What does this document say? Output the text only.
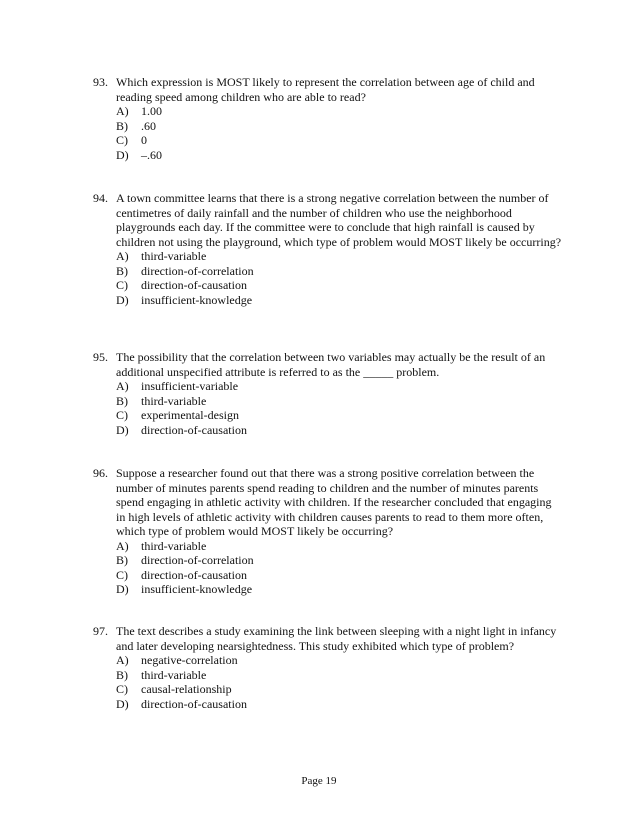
93. Which expression is MOST likely to represent the correlation between age of child and reading speed among children who are able to read?
A)	1.00
B)	.60
C)	0
D)	–.60
94. A town committee learns that there is a strong negative correlation between the number of centimetres of daily rainfall and the number of children who use the neighborhood playgrounds each day. If the committee were to conclude that high rainfall is caused by children not using the playground, which type of problem would MOST likely be occurring?
A)	third-variable
B)	direction-of-correlation
C)	direction-of-causation
D)	insufficient-knowledge
95. The possibility that the correlation between two variables may actually be the result of an additional unspecified attribute is referred to as the _____ problem.
A)	insufficient-variable
B)	third-variable
C)	experimental-design
D)	direction-of-causation
96. Suppose a researcher found out that there was a strong positive correlation between the number of minutes parents spend reading to children and the number of minutes parents spend engaging in athletic activity with children. If the researcher concluded that engaging in high levels of athletic activity with children causes parents to read to them more often, which type of problem would MOST likely be occurring?
A)	third-variable
B)	direction-of-correlation
C)	direction-of-causation
D)	insufficient-knowledge
97. The text describes a study examining the link between sleeping with a night light in infancy and later developing nearsightedness. This study exhibited which type of problem?
A)	negative-correlation
B)	third-variable
C)	causal-relationship
D)	direction-of-causation
Page 19
